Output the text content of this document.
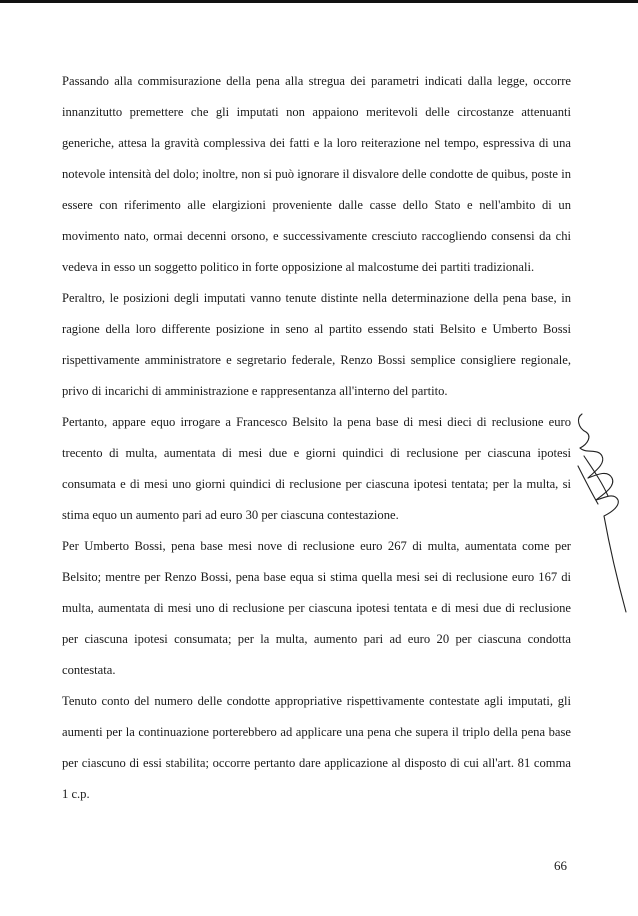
Passando alla commisurazione della pena alla stregua dei parametri indicati dalla legge, occorre innanzitutto premettere che gli imputati non appaiono meritevoli delle circostanze attenuanti generiche, attesa la gravità complessiva dei fatti e la loro reiterazione nel tempo, espressiva di una notevole intensità del dolo; inoltre, non si può ignorare il disvalore delle condotte de quibus, poste in essere con riferimento alle elargizioni proveniente dalle casse dello Stato e nell'ambito di un movimento nato, ormai decenni orsono, e successivamente cresciuto raccogliendo consensi da chi vedeva in esso un soggetto politico in forte opposizione al malcostume dei partiti tradizionali.

Peraltro, le posizioni degli imputati vanno tenute distinte nella determinazione della pena base, in ragione della loro differente posizione in seno al partito essendo stati Belsito e Umberto Bossi rispettivamente amministratore e segretario federale, Renzo Bossi semplice consigliere regionale, privo di incarichi di amministrazione e rappresentanza all'interno del partito.

Pertanto, appare equo irrogare a Francesco Belsito la pena base di mesi dieci di reclusione euro trecento di multa, aumentata di mesi due e giorni quindici di reclusione per ciascuna ipotesi consumata e di mesi uno giorni quindici di reclusione per ciascuna ipotesi tentata; per la multa, si stima equo un aumento pari ad euro 30 per ciascuna contestazione.

Per Umberto Bossi, pena base mesi nove di reclusione euro 267 di multa, aumentata come per Belsito; mentre per Renzo Bossi, pena base equa si stima quella mesi sei di reclusione euro 167 di multa, aumentata di mesi uno di reclusione per ciascuna ipotesi tentata e di mesi due di reclusione per ciascuna ipotesi consumata; per la multa, aumento pari ad euro 20 per ciascuna condotta contestata.

Tenuto conto del numero delle condotte appropriative rispettivamente contestate agli imputati, gli aumenti per la continuazione porterebbero ad applicare una pena che supera il triplo della pena base per ciascuno di essi stabilita; occorre pertanto dare applicazione al disposto di cui all'art. 81 comma 1 c.p.

66
